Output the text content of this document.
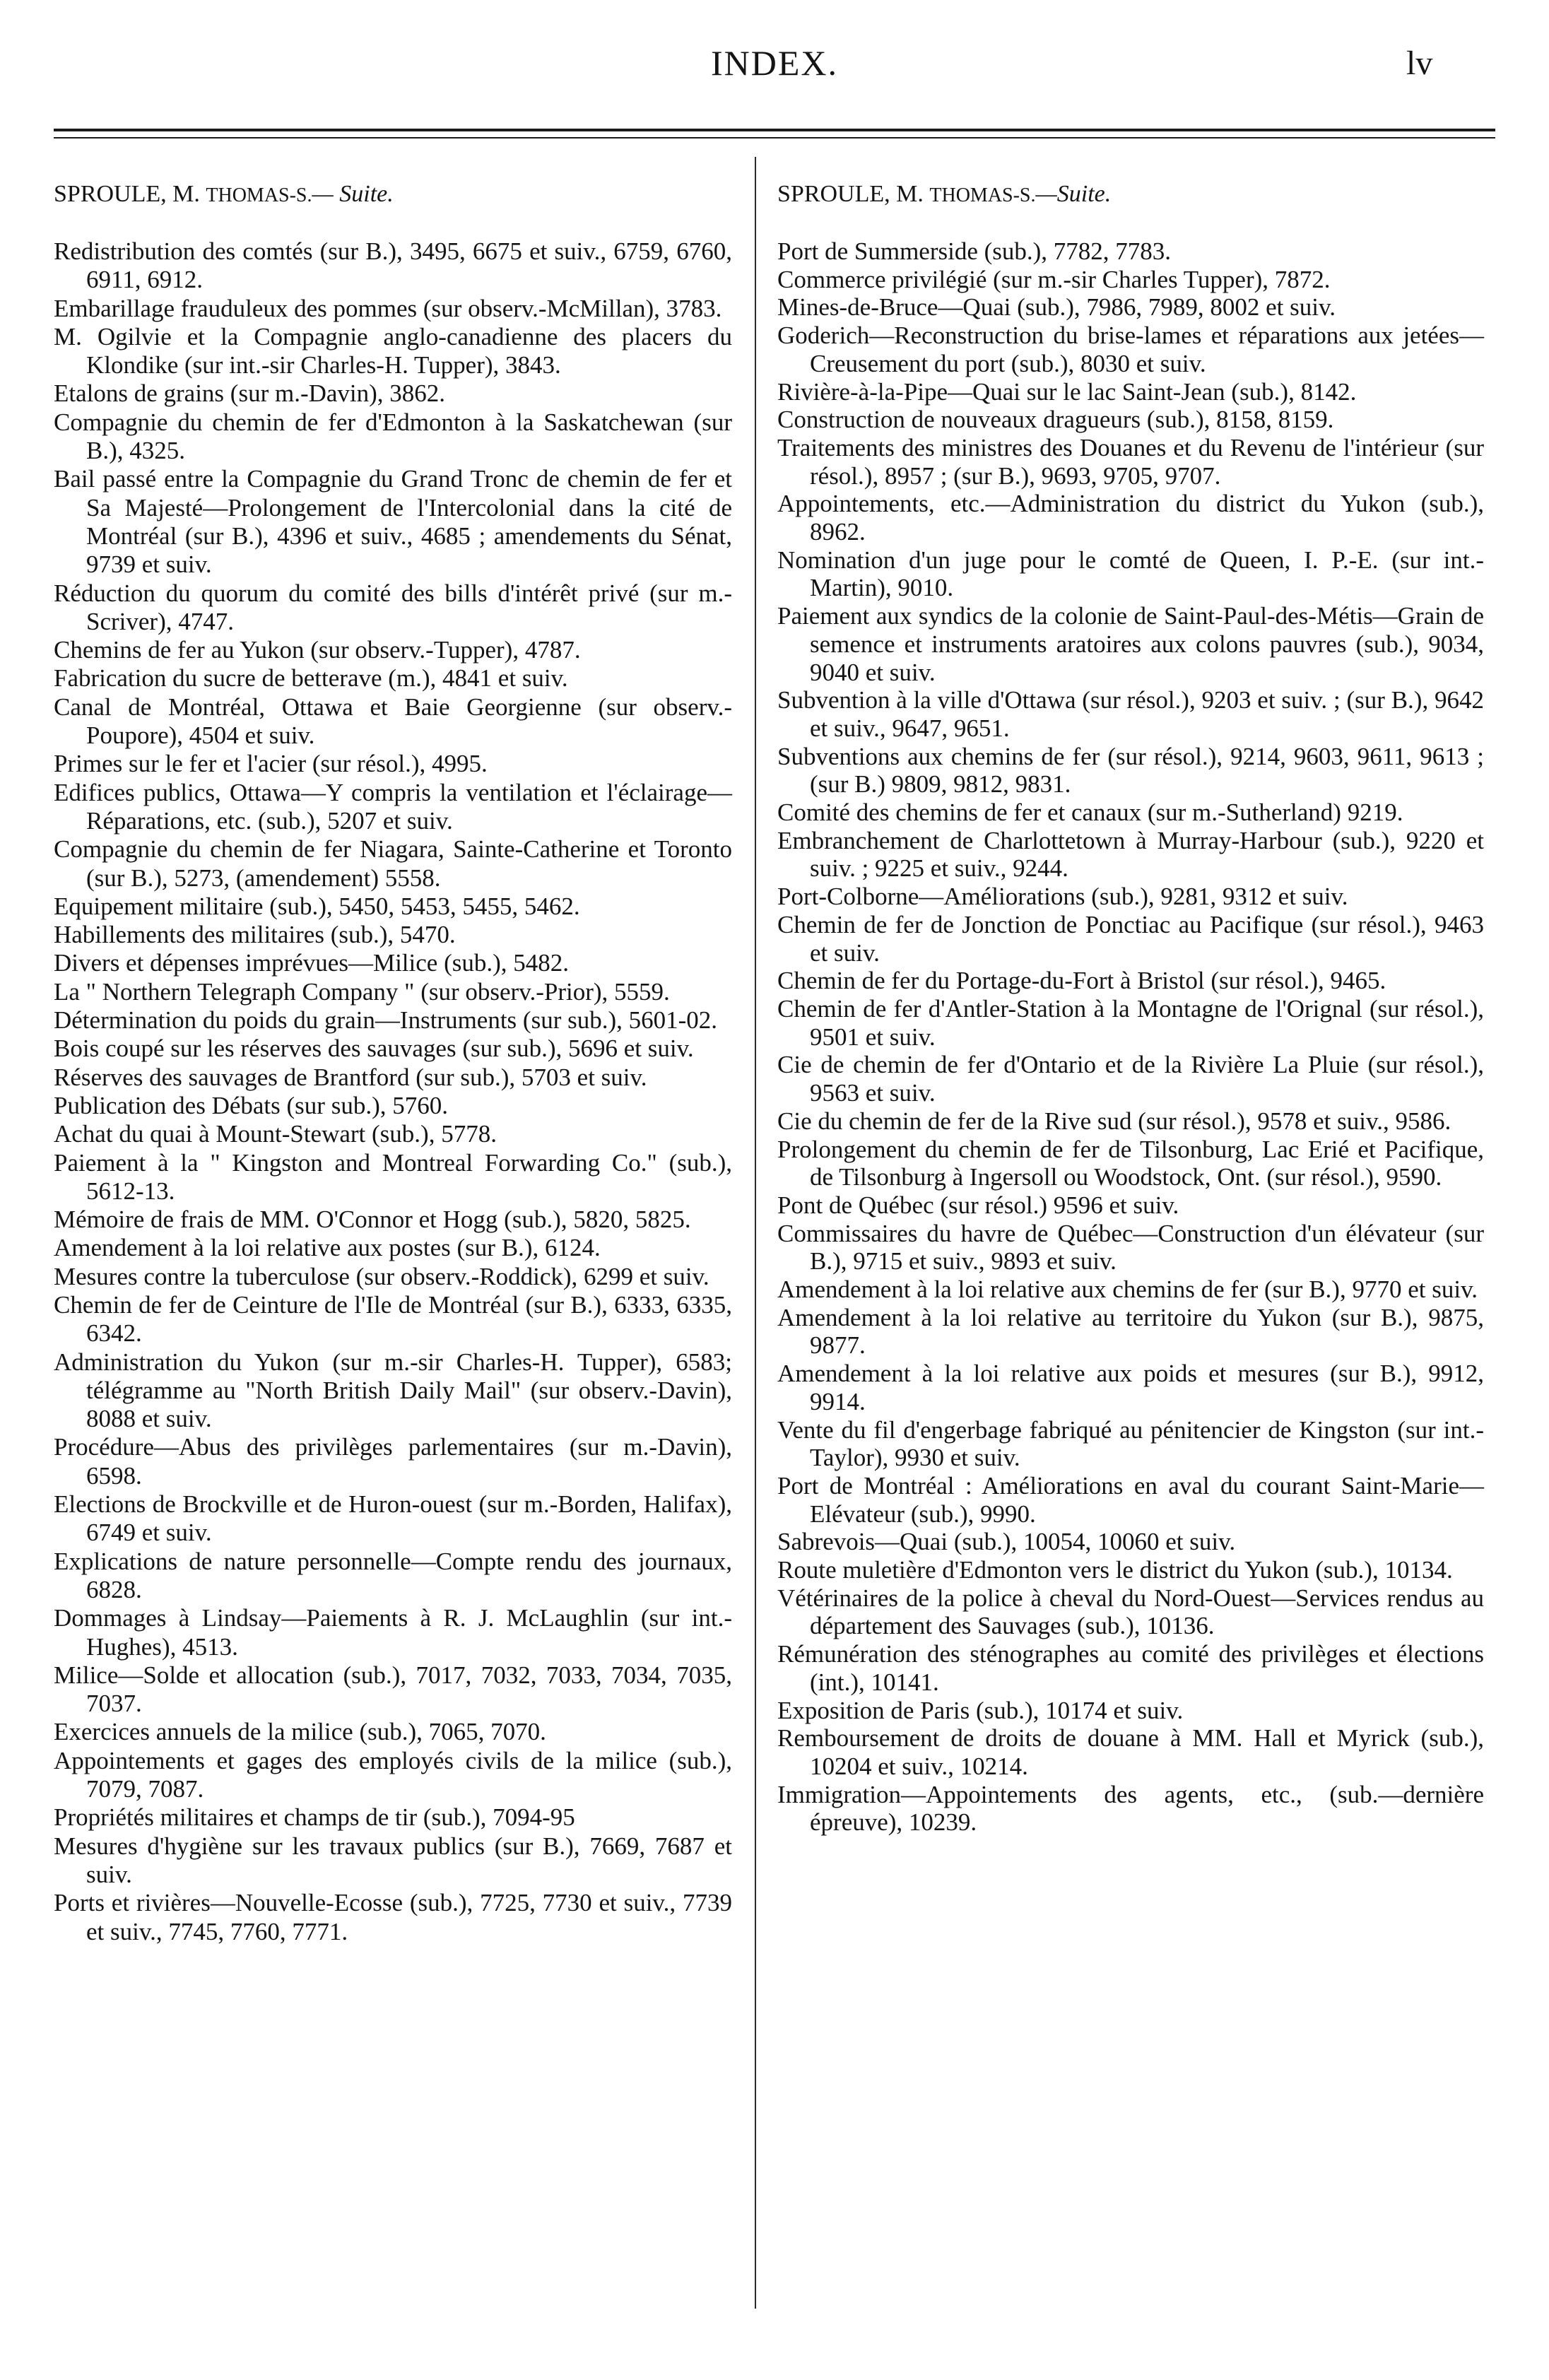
INDEX.	lv
SPROULE, M. THOMAS-S.— Suite.
Redistribution des comtés (sur B.), 3495, 6675 et suiv., 6759, 6760, 6911, 6912.
Embarillage frauduleux des pommes (sur observ.-McMillan), 3783.
M. Ogilvie et la Compagnie anglo-canadienne des placers du Klondike (sur int.-sir Charles-H. Tupper), 3843.
Etalons de grains (sur m.-Davin), 3862.
Compagnie du chemin de fer d'Edmonton à la Saskatchewan (sur B.), 4325.
Bail passé entre la Compagnie du Grand Tronc de chemin de fer et Sa Majesté—Prolongement de l'Intercolonial dans la cité de Montréal (sur B.), 4396 et suiv., 4685 ; amendements du Sénat, 9739 et suiv.
Réduction du quorum du comité des bills d'intérêt privé (sur m.-Scriver), 4747.
Chemins de fer au Yukon (sur observ.-Tupper), 4787.
Fabrication du sucre de betterave (m.), 4841 et suiv.
Canal de Montréal, Ottawa et Baie Georgienne (sur observ.-Poupore), 4504 et suiv.
Primes sur le fer et l'acier (sur résol.), 4995.
Edifices publics, Ottawa—Y compris la ventilation et l'éclairage—Réparations, etc. (sub.), 5207 et suiv.
Compagnie du chemin de fer Niagara, Sainte-Catherine et Toronto (sur B.), 5273, (amendement) 5558.
Equipement militaire (sub.), 5450, 5453, 5455, 5462.
Habillements des militaires (sub.), 5470.
Divers et dépenses imprévues—Milice (sub.), 5482.
La " Northern Telegraph Company " (sur observ.-Prior), 5559.
Détermination du poids du grain—Instruments (sur sub.), 5601-02.
Bois coupé sur les réserves des sauvages (sur sub.), 5696 et suiv.
Réserves des sauvages de Brantford (sur sub.), 5703 et suiv.
Publication des Débats (sur sub.), 5760.
Achat du quai à Mount-Stewart (sub.), 5778.
Paiement à la " Kingston and Montreal Forwarding Co." (sub.), 5612-13.
Mémoire de frais de MM. O'Connor et Hogg (sub.), 5820, 5825.
Amendement à la loi relative aux postes (sur B.), 6124.
Mesures contre la tuberculose (sur observ.-Roddick), 6299 et suiv.
Chemin de fer de Ceinture de l'Ile de Montréal (sur B.), 6333, 6335, 6342.
Administration du Yukon (sur m.-sir Charles-H. Tupper), 6583; télégramme au "North British Daily Mail" (sur observ.-Davin), 8088 et suiv.
Procédure—Abus des privilèges parlementaires (sur m.-Davin), 6598.
Elections de Brockville et de Huron-ouest (sur m.-Borden, Halifax), 6749 et suiv.
Explications de nature personnelle—Compte rendu des journaux, 6828.
Dommages à Lindsay—Paiements à R. J. McLaughlin (sur int.-Hughes), 4513.
Milice—Solde et allocation (sub.), 7017, 7032, 7033, 7034, 7035, 7037.
Exercices annuels de la milice (sub.), 7065, 7070.
Appointements et gages des employés civils de la milice (sub.), 7079, 7087.
Propriétés militaires et champs de tir (sub.), 7094-95
Mesures d'hygiène sur les travaux publics (sur B.), 7669, 7687 et suiv.
Ports et rivières—Nouvelle-Ecosse (sub.), 7725, 7730 et suiv., 7739 et suiv., 7745, 7760, 7771.
SPROULE, M. THOMAS-S.—Suite.
Port de Summerside (sub.), 7782, 7783.
Commerce privilégié (sur m.-sir Charles Tupper), 7872.
Mines-de-Bruce—Quai (sub.), 7986, 7989, 8002 et suiv.
Goderich—Reconstruction du brise-lames et réparations aux jetées—Creusement du port (sub.), 8030 et suiv.
Rivière-à-la-Pipe—Quai sur le lac Saint-Jean (sub.), 8142.
Construction de nouveaux dragueurs (sub.), 8158, 8159.
Traitements des ministres des Douanes et du Revenu de l'intérieur (sur résol.), 8957 ; (sur B.), 9693, 9705, 9707.
Appointements, etc.—Administration du district du Yukon (sub.), 8962.
Nomination d'un juge pour le comté de Queen, I. P.-E. (sur int.-Martin), 9010.
Paiement aux syndics de la colonie de Saint-Paul-des-Métis—Grain de semence et instruments aratoires aux colons pauvres (sub.), 9034, 9040 et suiv.
Subvention à la ville d'Ottawa (sur résol.), 9203 et suiv. ; (sur B.), 9642 et suiv., 9647, 9651.
Subventions aux chemins de fer (sur résol.), 9214, 9603, 9611, 9613 ; (sur B.) 9809, 9812, 9831.
Comité des chemins de fer et canaux (sur m.-Sutherland) 9219.
Embranchement de Charlottetown à Murray-Harbour (sub.), 9220 et suiv. ; 9225 et suiv., 9244.
Port-Colborne—Améliorations (sub.), 9281, 9312 et suiv.
Chemin de fer de Jonction de Ponctiac au Pacifique (sur résol.), 9463 et suiv.
Chemin de fer du Portage-du-Fort à Bristol (sur résol.), 9465.
Chemin de fer d'Antler-Station à la Montagne de l'Orignal (sur résol.), 9501 et suiv.
Cie de chemin de fer d'Ontario et de la Rivière La Pluie (sur résol.), 9563 et suiv.
Cie du chemin de fer de la Rive sud (sur résol.), 9578 et suiv., 9586.
Prolongement du chemin de fer de Tilsonburg, Lac Erié et Pacifique, de Tilsonburg à Ingersoll ou Woodstock, Ont. (sur résol.), 9590.
Pont de Québec (sur résol.) 9596 et suiv.
Commissaires du havre de Québec—Construction d'un élévateur (sur B.), 9715 et suiv., 9893 et suiv.
Amendement à la loi relative aux chemins de fer (sur B.), 9770 et suiv.
Amendement à la loi relative au territoire du Yukon (sur B.), 9875, 9877.
Amendement à la loi relative aux poids et mesures (sur B.), 9912, 9914.
Vente du fil d'engerbage fabriqué au pénitencier de Kingston (sur int.-Taylor), 9930 et suiv.
Port de Montréal : Améliorations en aval du courant Saint-Marie—Elévateur (sub.), 9990.
Sabrevois—Quai (sub.), 10054, 10060 et suiv.
Route muletière d'Edmonton vers le district du Yukon (sub.), 10134.
Vétérinaires de la police à cheval du Nord-Ouest—Services rendus au département des Sauvages (sub.), 10136.
Rémunération des sténographes au comité des privilèges et élections (int.), 10141.
Exposition de Paris (sub.), 10174 et suiv.
Remboursement de droits de douane à MM. Hall et Myrick (sub.), 10204 et suiv., 10214.
Immigration—Appointements des agents, etc., (sub.—dernière épreuve), 10239.
